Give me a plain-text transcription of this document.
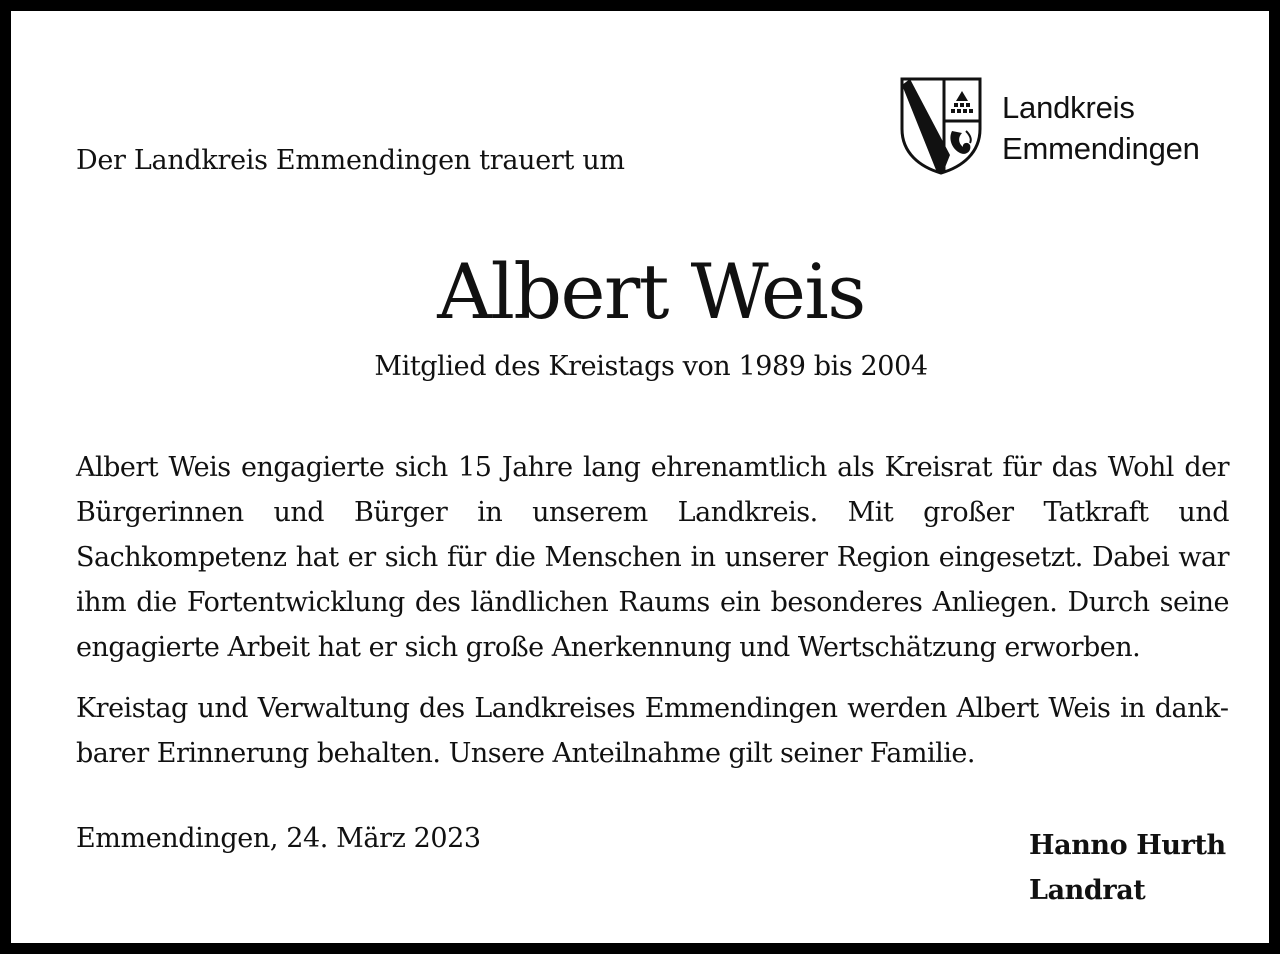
Der Landkreis Emmendingen trauert um
Landkreis
Emmendingen
Albert Weis
Mitglied des Kreistags von 1989 bis 2004
Albert Weis engagierte sich 15 Jahre lang ehrenamtlich als Kreisrat für das Wohl der Bürgerinnen und Bürger in unserem Landkreis. Mit großer Tatkraft und Sachkompetenz hat er sich für die Menschen in unserer Region eingesetzt. Dabei war ihm die Fortentwicklung des ländlichen Raums ein besonderes Anliegen. Durch seine engagierte Arbeit hat er sich große Anerkennung und Wertschätzung erworben.
Kreistag und Verwaltung des Landkreises Emmendingen werden Albert Weis in dankbarer Erinnerung behalten. Unsere Anteilnahme gilt seiner Familie.
Emmendingen, 24. März 2023	Hanno Hurth
Landrat
